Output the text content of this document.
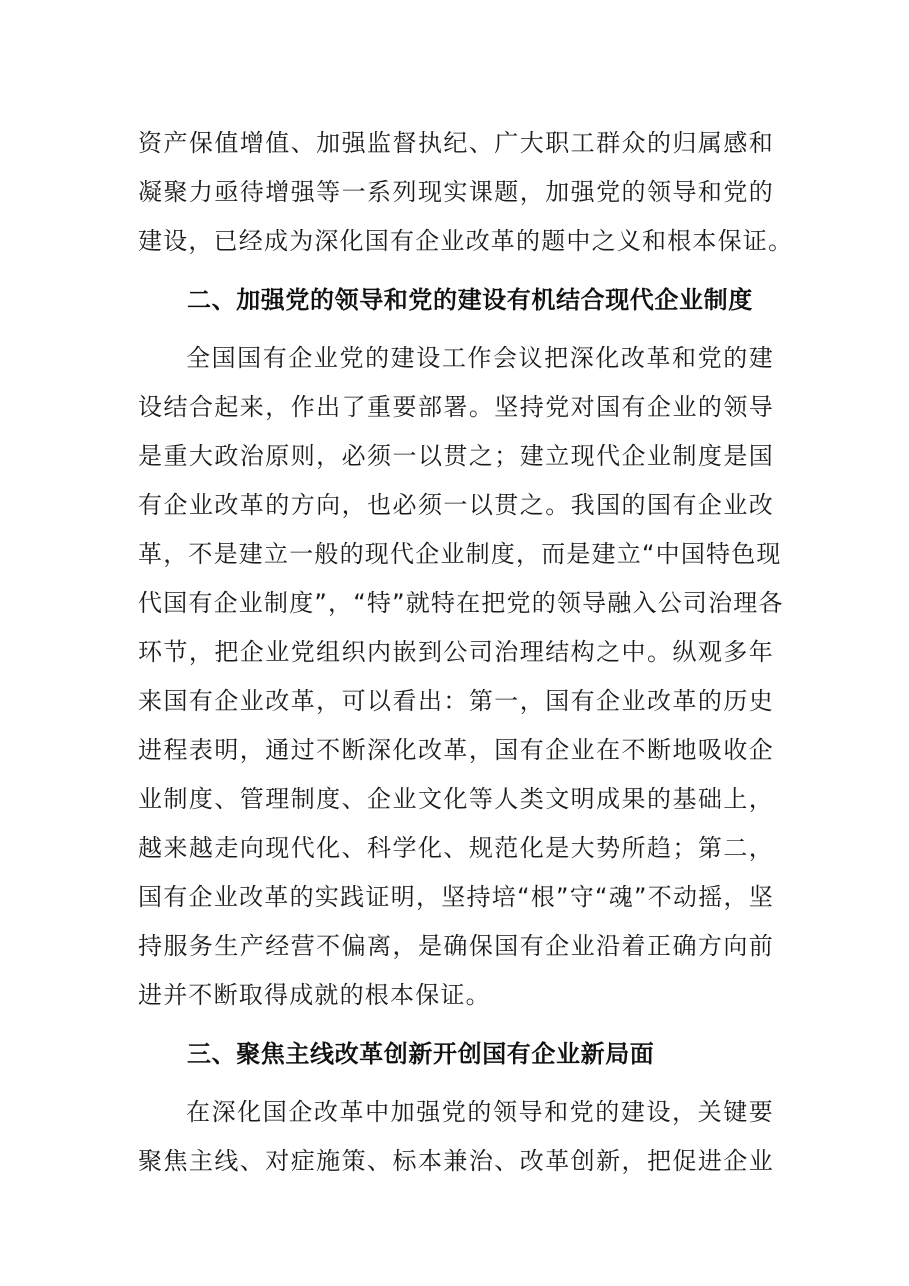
资产保值增值、加强监督执纪、广大职工群众的归属感和
凝聚力亟待增强等一系列现实课题，加强党的领导和党的
建设，已经成为深化国有企业改革的题中之义和根本保证。
二、加强党的领导和党的建设有机结合现代企业制度
全国国有企业党的建设工作会议把深化改革和党的建
设结合起来，作出了重要部署。坚持党对国有企业的领导
是重大政治原则，必须一以贯之；建立现代企业制度是国
有企业改革的方向，也必须一以贯之。我国的国有企业改
革，不是建立一般的现代企业制度，而是建立“中国特色现
代国有企业制度”，“特”就特在把党的领导融入公司治理各
环节，把企业党组织内嵌到公司治理结构之中。纵观多年
来国有企业改革，可以看出：第一，国有企业改革的历史
进程表明，通过不断深化改革，国有企业在不断地吸收企
业制度、管理制度、企业文化等人类文明成果的基础上，
越来越走向现代化、科学化、规范化是大势所趋；第二，
国有企业改革的实践证明，坚持培“根”守“魂”不动摇，坚
持服务生产经营不偏离，是确保国有企业沿着正确方向前
进并不断取得成就的根本保证。
三、聚焦主线改革创新开创国有企业新局面
在深化国企改革中加强党的领导和党的建设，关键要
聚焦主线、对症施策、标本兼治、改革创新，把促进企业
